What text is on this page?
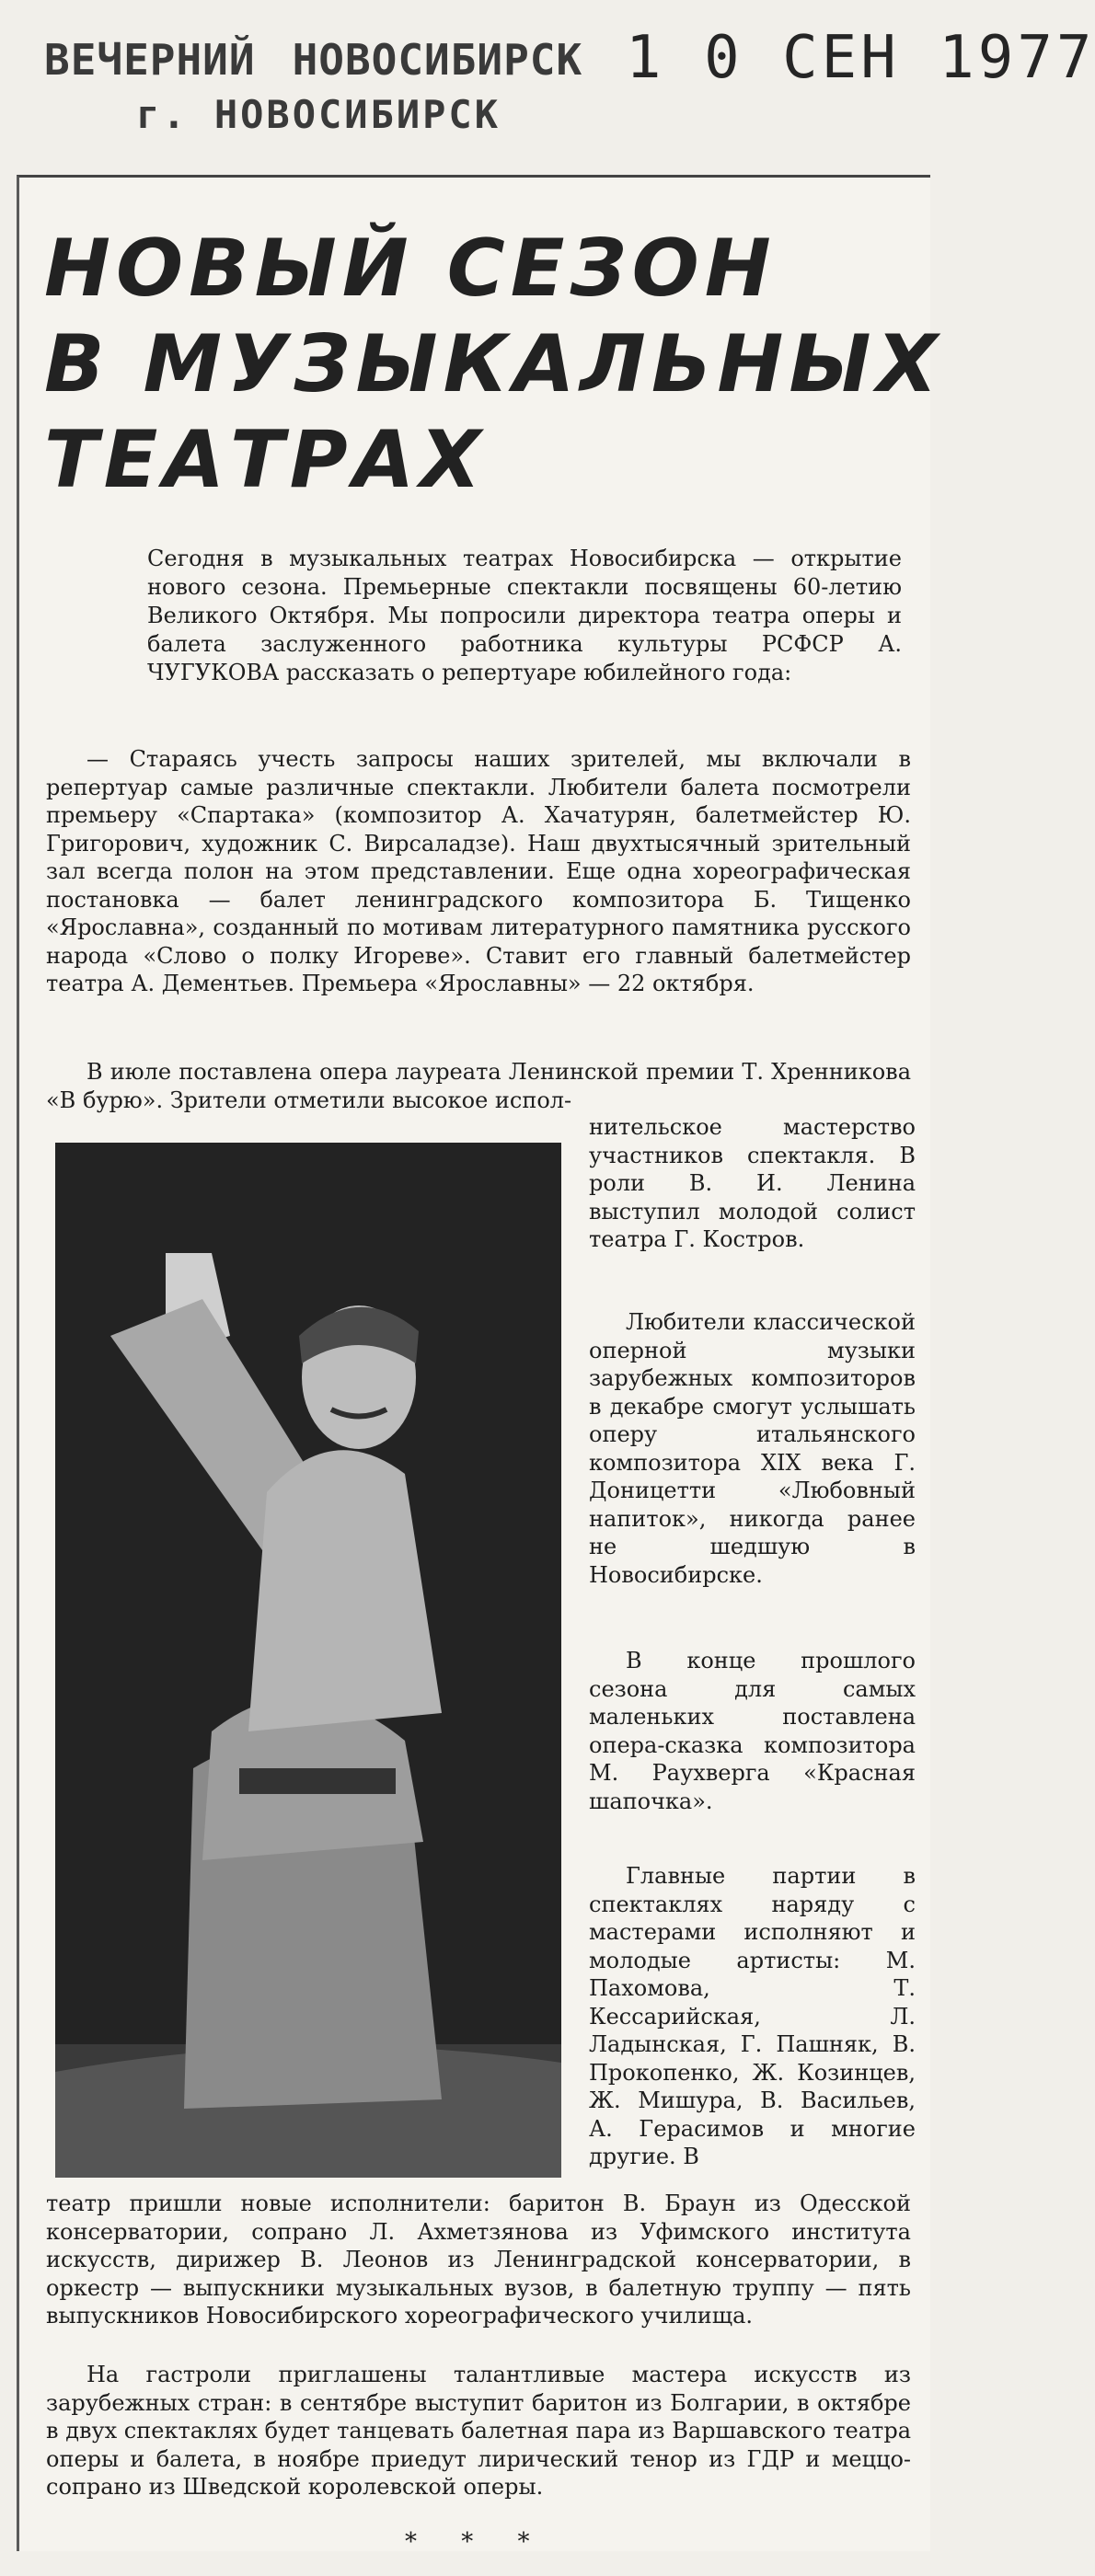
ВЕЧЕРНИЙ НОВОСИБИРСК
г. НОВОСИБИРСК
1 0 СЕН 1977
НОВЫЙ СЕЗОН
В МУЗЫКАЛЬНЫХ
ТЕАТРАХ
Сегодня в музыкальных театрах Новосибирска — открытие нового сезона. Премьерные спектакли посвящены 60-летию Великого Октября. Мы попросили директора театра оперы и балета заслуженного работника культуры РСФСР А. ЧУГУКОВА рассказать о репертуаре юбилейного года:
— Стараясь учесть запросы наших зрителей, мы включали в репертуар самые различные спектакли. Любители балета посмотрели премьеру «Спартака» (композитор А. Хачатурян, балетмейстер Ю. Григорович, художник С. Вирсаладзе). Наш двухтысячный зрительный зал всегда полон на этом представлении. Еще одна хореографическая постановка — балет ленинградского композитора Б. Тищенко «Ярославна», созданный по мотивам литературного памятника русского народа «Слово о полку Игореве». Ставит его главный балетмейстер театра А. Дементьев. Премьера «Ярославны» — 22 октября.
В июле поставлена опера лауреата Ленинской премии Т. Хренникова «В бурю». Зрители отметили высокое испол-
нительское мастерство участников спектакля. В роли В. И. Ленина выступил молодой солист театра Г. Костров.
Любители классической оперной музыки зарубежных композиторов в декабре смогут услышать оперу итальянского композитора XIX века Г. Доницетти «Любовный напиток», никогда ранее не шедшую в Новосибирске.
В конце прошлого сезона для самых маленьких поставлена опера-сказка композитора М. Раухверга «Красная шапочка».
Главные партии в спектаклях наряду с мастерами исполняют и молодые артисты: М. Пахомова, Т. Кессарийская, Л. Ладынская, Г. Пашняк, В. Прокопенко, Ж. Козинцев, Ж. Мишура, В. Васильев, А. Герасимов и многие другие. В
театр пришли новые исполнители: баритон В. Браун из Одесской консерватории, сопрано Л. Ахметзянова из Уфимского института искусств, дирижер В. Леонов из Ленинградской консерватории, в оркестр — выпускники музыкальных вузов, в балетную труппу — пять выпускников Новосибирского хореографического училища.
На гастроли приглашены талантливые мастера искусств из зарубежных стран: в сентябре выступит баритон из Болгарии, в октябре в двух спектаклях будет танцевать балетная пара из Варшавского театра оперы и балета, в ноябре приедут лирический тенор из ГДР и меццо-сопрано из Шведской королевской оперы.
* * *
